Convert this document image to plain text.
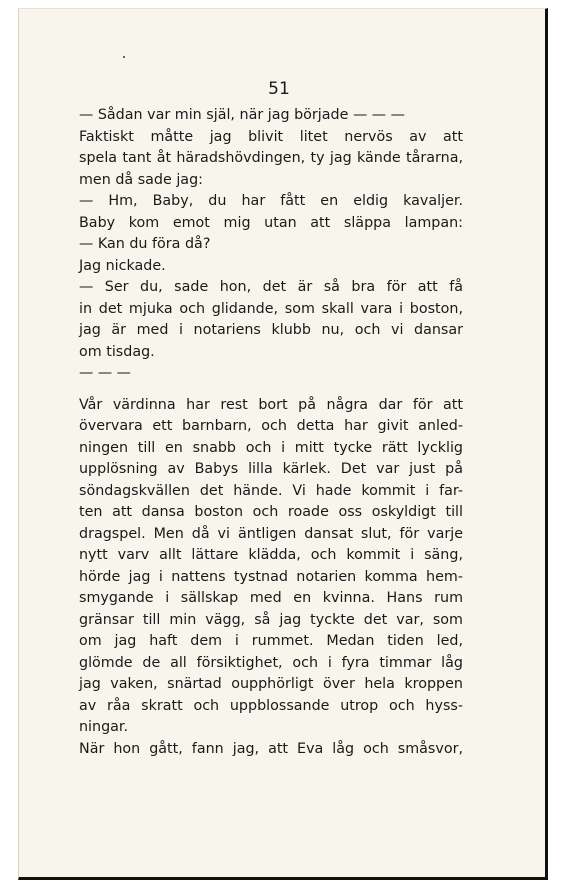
51
— Sådan var min själ, när jag började — — —
Faktiskt måtte jag blivit litet nervös av att
spela tant åt häradshövdingen, ty jag kände tårarna,
men då sade jag:
— Hm, Baby, du har fått en eldig kavaljer.
Baby kom emot mig utan att släppa lampan:
— Kan du föra då?
Jag nickade.
— Ser du, sade hon, det är så bra för att få
in det mjuka och glidande, som skall vara i boston,
jag är med i notariens klubb nu, och vi dansar
om tisdag.
— — —
Vår värdinna har rest bort på några dar för att
övervara ett barnbarn, och detta har givit anled-
ningen till en snabb och i mitt tycke rätt lycklig
upplösning av Babys lilla kärlek. Det var just på
söndagskvällen det hände. Vi hade kommit i far-
ten att dansa boston och roade oss oskyldigt till
dragspel. Men då vi äntligen dansat slut, för varje
nytt varv allt lättare klädda, och kommit i säng,
hörde jag i nattens tystnad notarien komma hem-
smygande i sällskap med en kvinna. Hans rum
gränsar till min vägg, så jag tyckte det var, som
om jag haft dem i rummet. Medan tiden led,
glömde de all försiktighet, och i fyra timmar låg
jag vaken, snärtad oupphörligt över hela kroppen
av råa skratt och uppblossande utrop och hyss-
ningar.
När hon gått, fann jag, att Eva låg och småsvor,
